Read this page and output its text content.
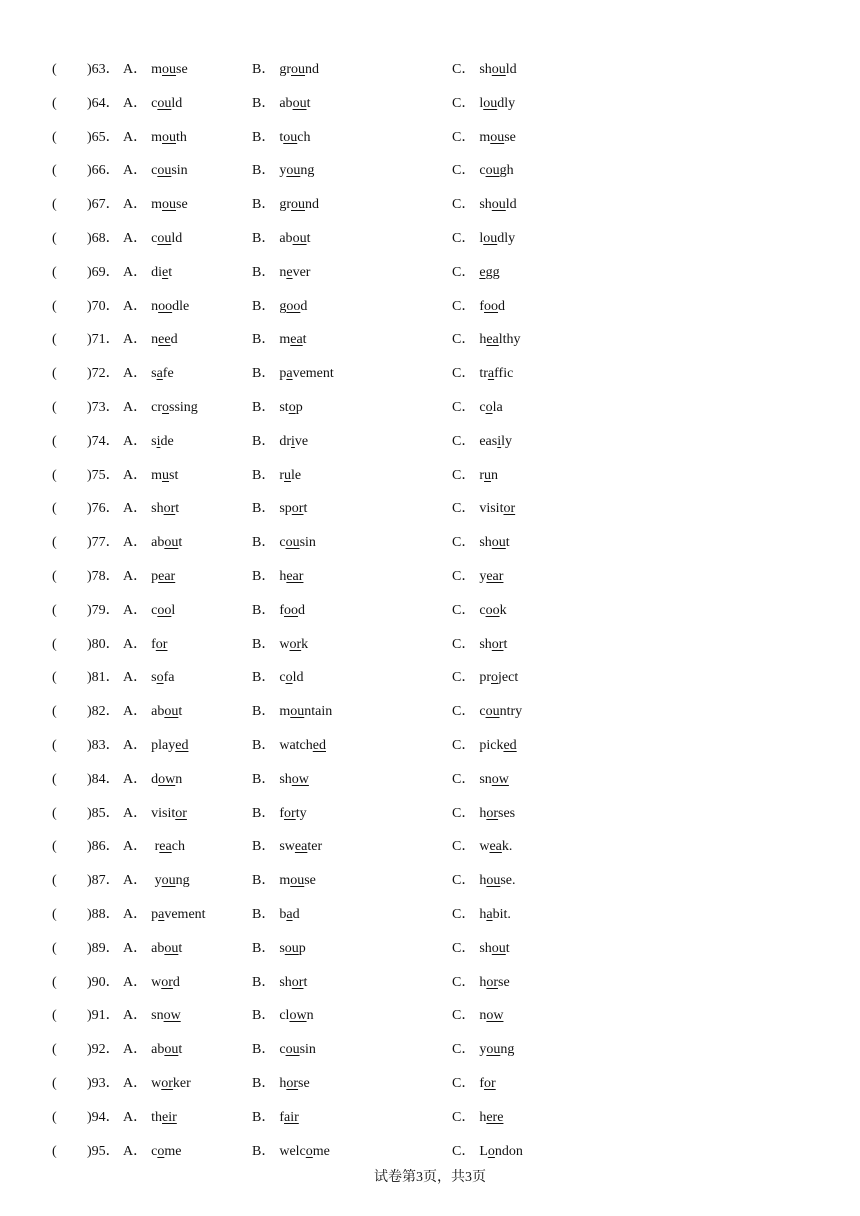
( )63． A． mouse	B． ground	C． should
( )64． A． could	B． about	C． loudly
( )65． A． mouth	B． touch	C． mouse
( )66． A． cousin	B． young	C． cough
( )67． A． mouse	B． ground	C． should
( )68． A． could	B． about	C． loudly
( )69． A． diet	B． never	C． egg
( )70． A． noodle	B． good	C． food
( )71． A． need	B． meat	C． healthy
( )72． A． safe	B． pavement	C． traffic
( )73． A． crossing	B． stop	C． cola
( )74． A． side	B． drive	C． easily
( )75． A． must	B． rule	C． run
( )76． A． short	B． sport	C． visitor
( )77． A． about	B． cousin	C． shout
( )78． A． pear	B． hear	C． year
( )79． A． cool	B． food	C． cook
( )80． A． for	B． work	C． short
( )81． A． sofa	B． cold	C． project
( )82． A． about	B． mountain	C． country
( )83． A． played	B． watched	C． picked
( )84． A． down	B． show	C． snow
( )85． A． visitor	B． forty	C． horses
( )86． A． reach	B． sweater	C． weak.
( )87． A． young	B． mouse	C． house.
( )88． A． pavement	B． bad	C． habit.
( )89． A． about	B． soup	C． shout
( )90． A． word	B． short	C． horse
( )91． A． snow	B． clown	C． now
( )92． A． about	B． cousin	C． young
( )93． A． worker	B． horse	C． for
( )94． A． their	B． fair	C． here
( )95． A． come	B． welcome	C． London
试卷第3页，共3页
